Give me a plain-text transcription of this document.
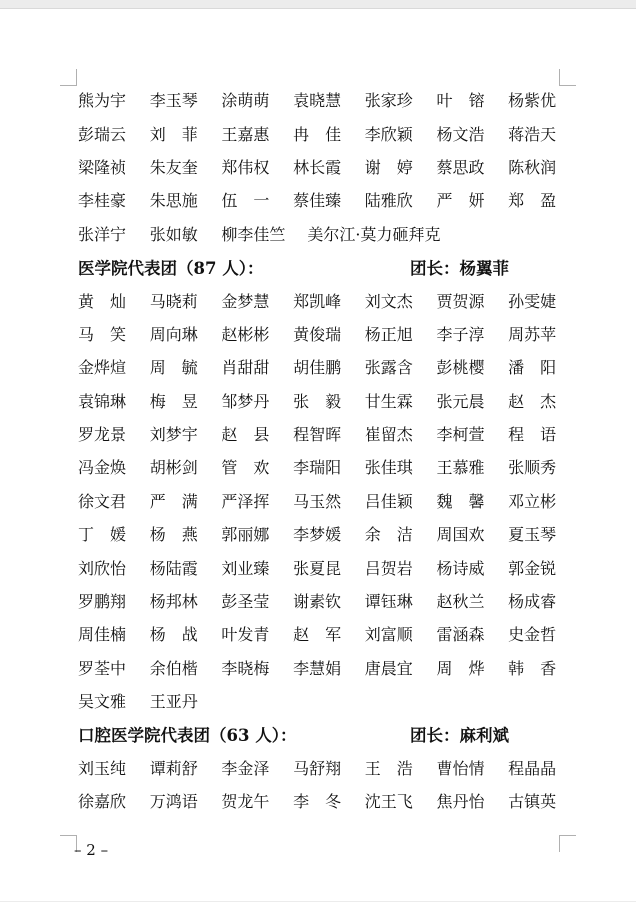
熊为宇	李玉琴	涂萌萌	袁晓慧	张家珍	叶　镕	杨紫优
彭瑞云	刘　菲	王嘉惠	冉　佳	李欣颖	杨文浩	蒋浩天
梁隆祯	朱友奎	郑伟权	林长霞	谢　婷	蔡思政	陈秋润
李桂豪	朱思施	伍　一	蔡佳臻	陆雅欣	严　妍	郑　盈
张洋宁	张如敏	柳李佳竺 美尔江·莫力砸拜克
医学院代表团（87 人）：	团长：杨翼菲
黄　灿	马晓莉	金梦慧	郑凯峰	刘文杰	贾贺源	孙雯婕
马　笑	周向琳	赵彬彬	黄俊瑞	杨正旭	李子淳	周苏苹
金烨煊	周　毓	肖甜甜	胡佳鹏	张露含	彭桃樱	潘　阳
袁锦琳	梅　昱	邹梦丹	张　毅	甘生霖	张元晨	赵　杰
罗龙景	刘梦宇	赵　县	程智晖	崔留杰	李柯萱	程　语
冯金焕	胡彬剑	管　欢	李瑞阳	张佳琪	王慕雅	张顺秀
徐文君	严　满	严泽挥	马玉然	吕佳颖	魏　馨	邓立彬
丁　媛	杨　燕	郭丽娜	李梦媛	余　洁	周国欢	夏玉琴
刘欣怡	杨陆霞	刘业臻	张夏昆	吕贺岩	杨诗威	郭金锐
罗鹏翔	杨邦林	彭圣莹	谢素钦	谭钰琳	赵秋兰	杨成睿
周佳楠	杨　战	叶发青	赵　军	刘富顺	雷涵森	史金哲
罗荃中	余伯楷	李晓梅	李慧娟	唐晨宜	周　烨	韩　香
吴文雅	王亚丹
口腔医学院代表团（63 人）：	团长：麻利斌
刘玉纯	谭莉舒	李金泽	马舒翔	王　浩	曹怡情	程晶晶
徐嘉欣	万鸿语	贺龙午	李　冬	沈王飞	焦丹怡	古镇英
– 2 –
